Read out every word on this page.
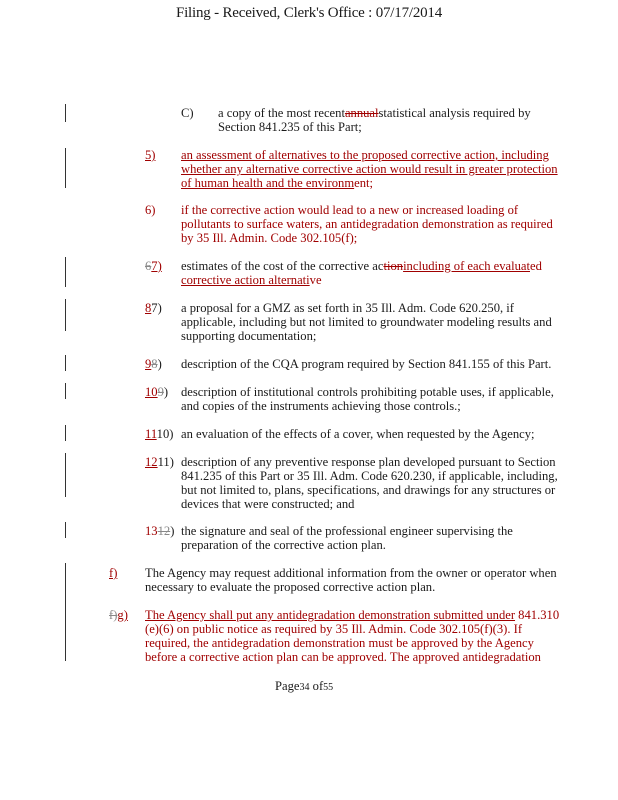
Filing - Received, Clerk's Office : 07/17/2014
C) a copy of the most recentannualstatistical analysis required by
Section 841.235 of this Part;
5) an assessment of alternatives to the proposed corrective action, including
whether any alternative corrective action would result in greater protection
of human health and the environment;
6) if the corrective action would lead to a new or increased loading of
pollutants to surface waters, an antidegradation demonstration as required
by 35 Ill. Admin. Code 302.105(f);
67) estimates of the cost of the corrective actionincluding of each evaluated
corrective action alternative
87) a proposal for a GMZ as set forth in 35 Ill. Adm. Code 620.250, if
applicable, including but not limited to groundwater modeling results and
supporting documentation;
98) description of the CQA program required by Section 841.155 of this Part.
109) description of institutional controls prohibiting potable uses, if applicable,
and copies of the instruments achieving those controls.;
1110) an evaluation of the effects of a cover, when requested by the Agency;
1211) description of any preventive response plan developed pursuant to Section
841.235 of this Part or 35 Ill. Adm. Code 620.230, if applicable, including,
but not limited to, plans, specifications, and drawings for any structures or
devices that were constructed; and
1312) the signature and seal of the professional engineer supervising the
preparation of the corrective action plan.
f) The Agency may request additional information from the owner or operator when
necessary to evaluate the proposed corrective action plan.
f)g) The Agency shall put any antidegradation demonstration submitted under 841.310
(e)(6) on public notice as required by 35 Ill. Admin. Code 302.105(f)(3). If
required, the antidegradation demonstration must be approved by the Agency
before a corrective action plan can be approved. The approved antidegradation
Page34 of55
